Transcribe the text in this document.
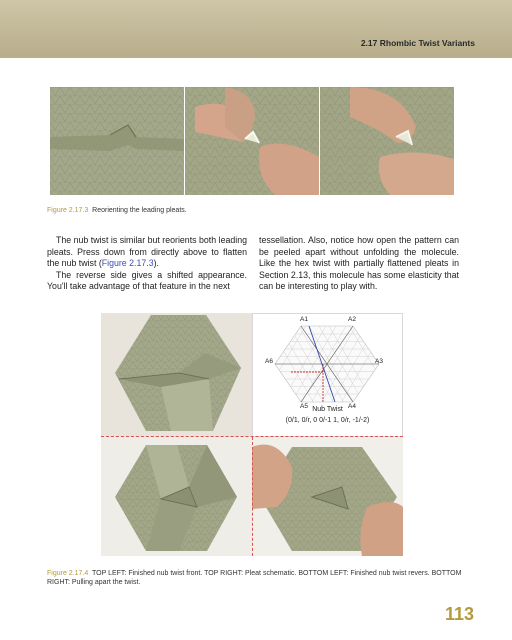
2.17 Rhombic Twist Variants
Figure 2.17.3 Reorienting the leading pleats.

The nub twist is similar but reorients both leading pleats. Press down from directly above to flatten the nub twist (Figure 2.17.3).

The reverse side gives a shifted appearance. You'll take advantage of that feature in the next

tessellation. Also, notice how open the pattern can be peeled apart without unfolding the molecule. Like the hex twist with partially flattened pleats in Section 2.13, this molecule has some elasticity that can be interesting to play with.

A1	A2
A3
A4
A5
A6
Nub Twist
(0/1, 0/r, 0 0/-1 1, 0/r, -1/-2)
Figure 2.17.4 TOP LEFT: Finished nub twist front. TOP RIGHT: Pleat schematic. BOTTOM LEFT: Finished nub twist revers. BOTTOM RIGHT: Pulling apart the twist.
113
